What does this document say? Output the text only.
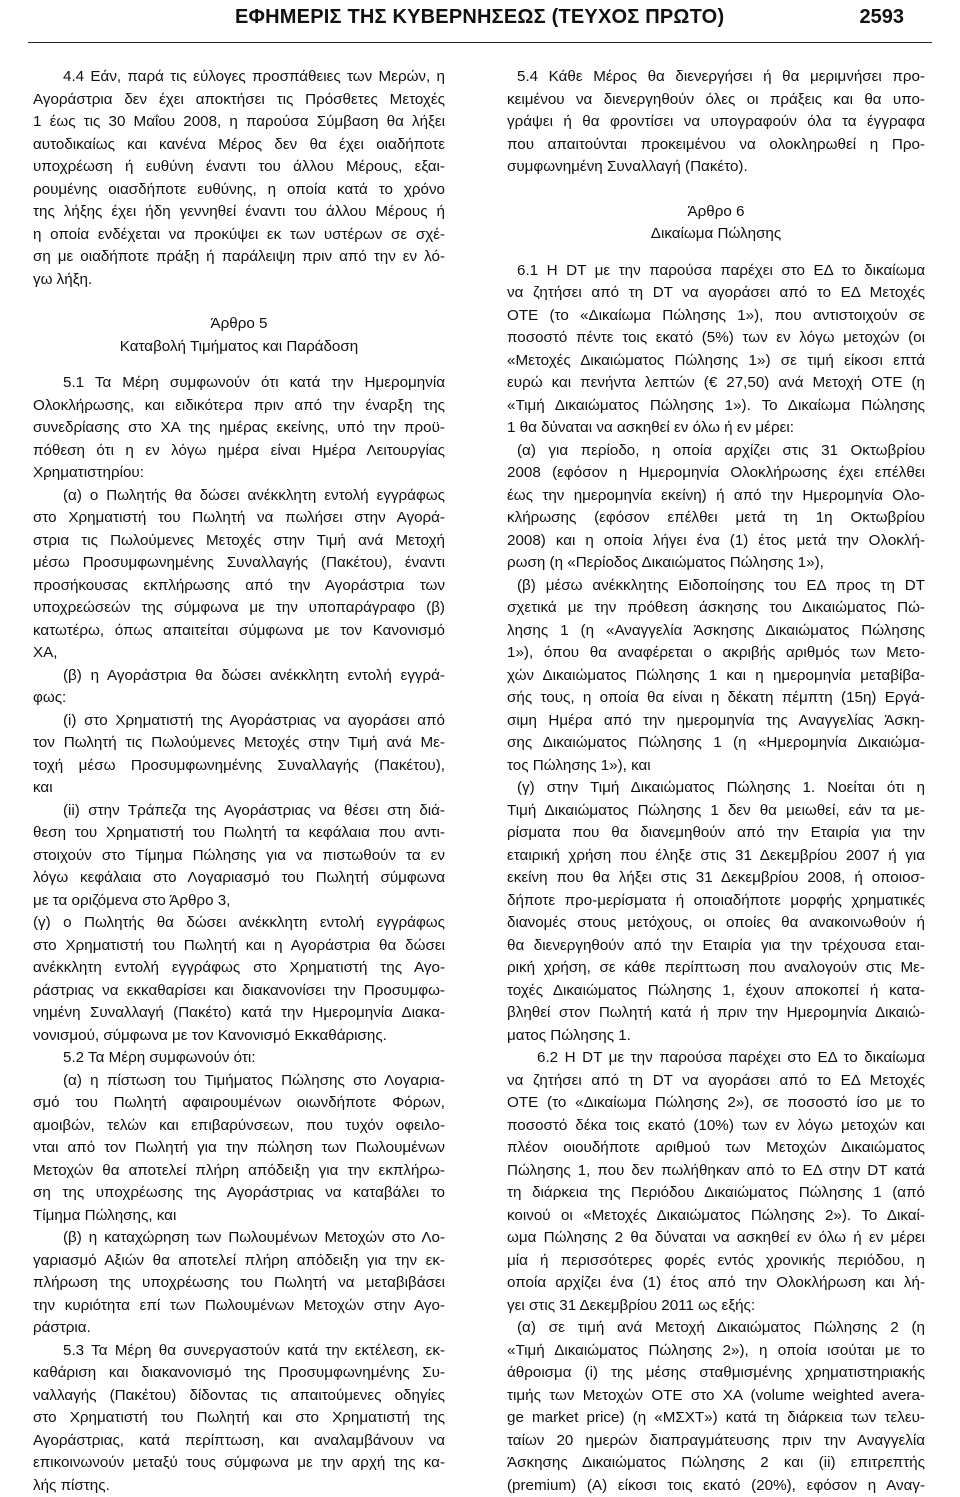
ΕΦΗΜΕΡΙΣ ΤΗΣ ΚΥΒΕΡΝΗΣΕΩΣ (ΤΕΥΧΟΣ ΠΡΩΤΟ)	2593
4.4 Εάν, παρά τις εύλογες προσπάθειες των Μερών, η
Αγοράστρια δεν έχει αποκτήσει τις Πρόσθετες Μετοχές
1 έως τις 30 Μαΐου 2008, η παρούσα Σύμβαση θα λήξει
αυτοδικαίως και κανένα Μέρος δεν θα έχει οιαδήποτε
υποχρέωση ή ευθύνη έναντι του άλλου Μέρους, εξαι-
ρουμένης οιασδήποτε ευθύνης, η οποία κατά το χρόνο
της λήξης έχει ήδη γεννηθεί έναντι του άλλου Μέρους ή
η οποία ενδέχεται να προκύψει εκ των υστέρων σε σχέ-
ση με οιαδήποτε πράξη ή παράλειψη πριν από την εν λό-
γω λήξη.
Άρθρο 5
Καταβολή Τιμήματος και Παράδοση
5.1 Τα Μέρη συμφωνούν ότι κατά την Ημερομηνία
Ολοκλήρωσης, και ειδικότερα πριν από την έναρξη της
συνεδρίασης στο ΧΑ της ημέρας εκείνης, υπό την προϋ-
πόθεση ότι η εν λόγω ημέρα είναι Ημέρα Λειτουργίας
Χρηματιστηρίου:
(α) ο Πωλητής θα δώσει ανέκκλητη εντολή εγγράφως
στο Χρηματιστή του Πωλητή να πωλήσει στην Αγορά-
στρια τις Πωλούμενες Μετοχές στην Τιμή ανά Μετοχή
μέσω Προσυμφωνημένης Συναλλαγής (Πακέτου), έναντι
προσήκουσας εκπλήρωσης από την Αγοράστρια των
υποχρεώσεών της σύμφωνα με την υποπαράγραφο (β)
κατωτέρω, όπως απαιτείται σύμφωνα με τον Κανονισμό
ΧΑ,
(β) η Αγοράστρια θα δώσει ανέκκλητη εντολή εγγρά-
φως:
(i) στο Χρηματιστή της Αγοράστριας να αγοράσει από
τον Πωλητή τις Πωλούμενες Μετοχές στην Τιμή ανά Με-
τοχή μέσω Προσυμφωνημένης Συναλλαγής (Πακέτου),
και
(ii) στην Τράπεζα της Αγοράστριας να θέσει στη διά-
θεση του Χρηματιστή του Πωλητή τα κεφάλαια που αντι-
στοιχούν στο Τίμημα Πώλησης για να πιστωθούν τα εν
λόγω κεφάλαια στο Λογαριασμό του Πωλητή σύμφωνα
με τα οριζόμενα στο Άρθρο 3,
(γ) ο Πωλητής θα δώσει ανέκκλητη εντολή εγγράφως
στο Χρηματιστή του Πωλητή και η Αγοράστρια θα δώσει
ανέκκλητη εντολή εγγράφως στο Χρηματιστή της Αγο-
ράστριας να εκκαθαρίσει και διακανονίσει την Προσυμφω-
νημένη Συναλλαγή (Πακέτο) κατά την Ημερομηνία Διακα-
νονισμού, σύμφωνα με τον Κανονισμό Εκκαθάρισης.
5.2 Τα Μέρη συμφωνούν ότι:
(α) η πίστωση του Τιμήματος Πώλησης στο Λογαρια-
σμό του Πωλητή αφαιρουμένων οιωνδήποτε Φόρων,
αμοιβών, τελών και επιβαρύνσεων, που τυχόν οφειλο-
νται από τον Πωλητή για την πώληση των Πωλουμένων
Μετοχών θα αποτελεί πλήρη απόδειξη για την εκπλήρω-
ση της υποχρέωσης της Αγοράστριας να καταβάλει το
Τίμημα Πώλησης, και
(β) η καταχώρηση των Πωλουμένων Μετοχών στο Λο-
γαριασμό Αξιών θα αποτελεί πλήρη απόδειξη για την εκ-
πλήρωση της υποχρέωσης του Πωλητή να μεταβιβάσει
την κυριότητα επί των Πωλουμένων Μετοχών στην Αγο-
ράστρια.
5.3 Τα Μέρη θα συνεργαστούν κατά την εκτέλεση, εκ-
καθάριση και διακανονισμό της Προσυμφωνημένης Συ-
ναλλαγής (Πακέτου) δίδοντας τις απαιτούμενες οδηγίες
στο Χρηματιστή του Πωλητή και στο Χρηματιστή της
Αγοράστριας, κατά περίπτωση, και αναλαμβάνουν να
επικοινωνούν μεταξύ τους σύμφωνα με την αρχή της κα-
λής πίστης.
5.4 Κάθε Μέρος θα διενεργήσει ή θα μεριμνήσει προ-
κειμένου να διενεργηθούν όλες οι πράξεις και θα υπο-
γράψει ή θα φροντίσει να υπογραφούν όλα τα έγγραφα
που απαιτούνται προκειμένου να ολοκληρωθεί η Προ-
συμφωνημένη Συναλλαγή (Πακέτο).
Άρθρο 6
Δικαίωμα Πώλησης
6.1 Η DT με την παρούσα παρέχει στο ΕΔ το δικαίωμα
να ζητήσει από τη DT να αγοράσει από το ΕΔ Μετοχές
ΟΤΕ (το «Δικαίωμα Πώλησης 1»), που αντιστοιχούν σε
ποσοστό πέντε τοις εκατό (5%) των εν λόγω μετοχών (οι
«Μετοχές Δικαιώματος Πώλησης 1») σε τιμή είκοσι επτά
ευρώ και πενήντα λεπτών (€ 27,50) ανά Μετοχή ΟΤΕ (η
«Τιμή Δικαιώματος Πώλησης 1»). Το Δικαίωμα Πώλησης
1 θα δύναται να ασκηθεί εν όλω ή εν μέρει:
(α) για περίοδο, η οποία αρχίζει στις 31 Οκτωβρίου
2008 (εφόσον η Ημερομηνία Ολοκλήρωσης έχει επέλθει
έως την ημερομηνία εκείνη) ή από την Ημερομηνία Ολο-
κλήρωσης (εφόσον επέλθει μετά τη 1η Οκτωβρίου
2008) και η οποία λήγει ένα (1) έτος μετά την Ολοκλή-
ρωση (η «Περίοδος Δικαιώματος Πώλησης 1»),
(β) μέσω ανέκκλητης Ειδοποίησης του ΕΔ προς τη DT
σχετικά με την πρόθεση άσκησης του Δικαιώματος Πώ-
λησης 1 (η «Αναγγελία Άσκησης Δικαιώματος Πώλησης
1»), όπου θα αναφέρεται ο ακριβής αριθμός των Μετο-
χών Δικαιώματος Πώλησης 1 και η ημερομηνία μεταβίβα-
σής τους, η οποία θα είναι η δέκατη πέμπτη (15η) Εργά-
σιμη Ημέρα από την ημερομηνία της Αναγγελίας Άσκη-
σης Δικαιώματος Πώλησης 1 (η «Ημερομηνία Δικαιώμα-
τος Πώλησης 1»), και
(γ) στην Τιμή Δικαιώματος Πώλησης 1. Νοείται ότι η
Τιμή Δικαιώματος Πώλησης 1 δεν θα μειωθεί, εάν τα με-
ρίσματα που θα διανεμηθούν από την Εταιρία για την
εταιρική χρήση που έληξε στις 31 Δεκεμβρίου 2007 ή για
εκείνη που θα λήξει στις 31 Δεκεμβρίου 2008, ή οποιοσ-
δήποτε προ-μερίσματα ή οποιαδήποτε μορφής χρηματικές
διανομές στους μετόχους, οι οποίες θα ανακοινωθούν ή
θα διενεργηθούν από την Εταιρία για την τρέχουσα εται-
ρική χρήση, σε κάθε περίπτωση που αναλογούν στις Με-
τοχές Δικαιώματος Πώλησης 1, έχουν αποκοπεί ή κατα-
βληθεί στον Πωλητή κατά ή πριν την Ημερομηνία Δικαιώ-
ματος Πώλησης 1.
6.2 Η DT με την παρούσα παρέχει στο ΕΔ το δικαίωμα
να ζητήσει από τη DT να αγοράσει από το ΕΔ Μετοχές
ΟΤΕ (το «Δικαίωμα Πώλησης 2»), σε ποσοστό ίσο με το
ποσοστό δέκα τοις εκατό (10%) των εν λόγω μετοχών και
πλέον οιουδήποτε αριθμού των Μετοχών Δικαιώματος
Πώλησης 1, που δεν πωλήθηκαν από το ΕΔ στην DT κατά
τη διάρκεια της Περιόδου Δικαιώματος Πώλησης 1 (από
κοινού οι «Μετοχές Δικαιώματος Πώλησης 2»). Το Δικαί-
ωμα Πώλησης 2 θα δύναται να ασκηθεί εν όλω ή εν μέρει
μία ή περισσότερες φορές εντός χρονικής περιόδου, η
οποία αρχίζει ένα (1) έτος από την Ολοκλήρωση και λή-
γει στις 31 Δεκεμβρίου 2011 ως εξής:
(α) σε τιμή ανά Μετοχή Δικαιώματος Πώλησης 2 (η
«Τιμή Δικαιώματος Πώλησης 2»), η οποία ισούται με το
άθροισμα (i) της μέσης σταθμισμένης χρηματιστηριακής
τιμής των Μετοχών ΟΤΕ στο ΧΑ (volume weighted avera-
ge market price) (η «ΜΣΧΤ») κατά τη διάρκεια των τελευ-
ταίων 20 ημερών διαπραγμάτευσης πριν την Αναγγελία
Άσκησης Δικαιώματος Πώλησης 2 και (ii) επιτρεπτής
(premium) (Α) είκοσι τοις εκατό (20%), εφόσον η Αναγ-
